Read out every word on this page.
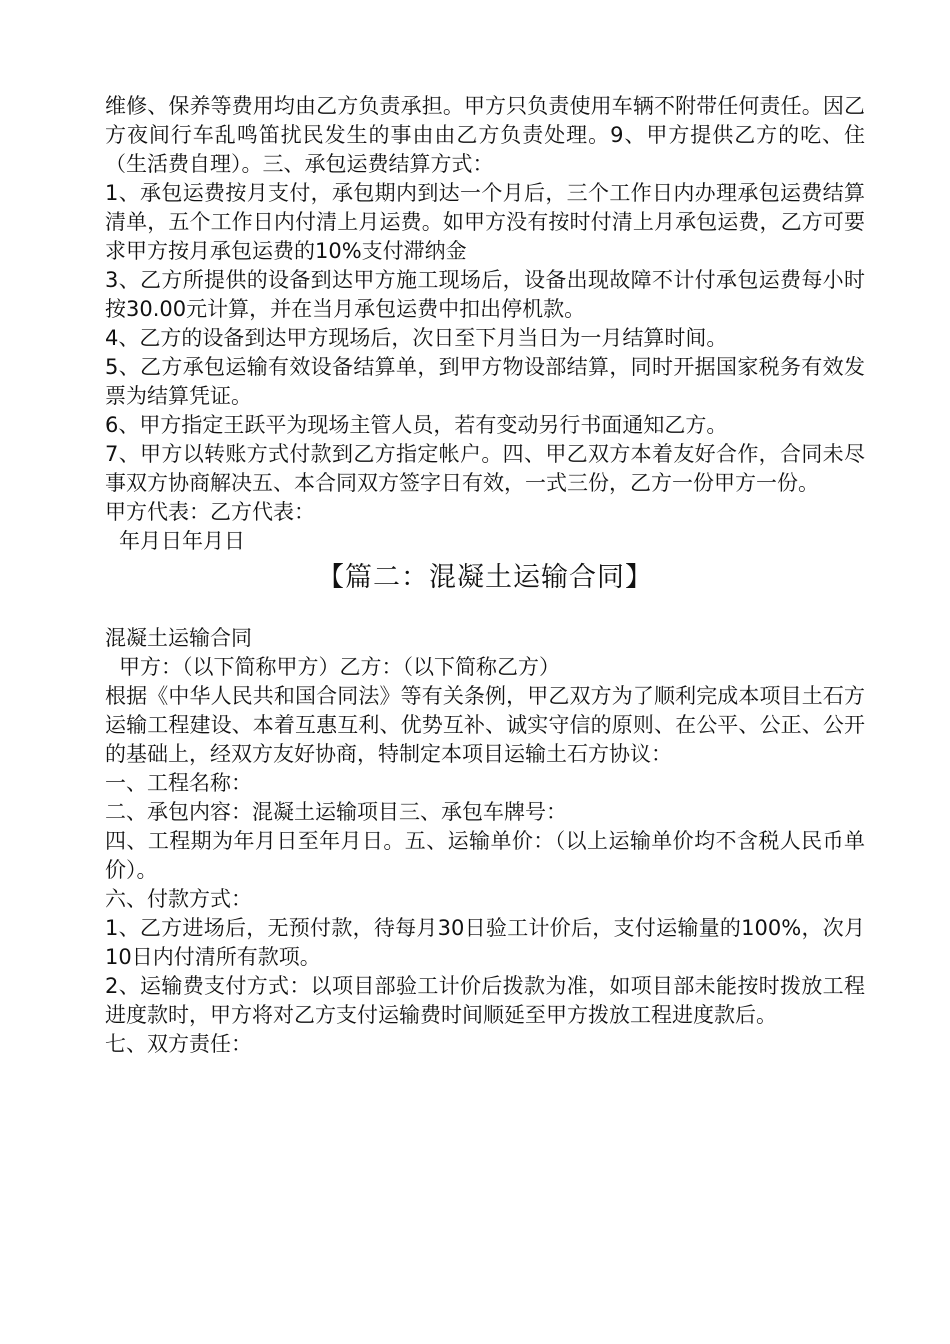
维修、保养等费用均由乙方负责承担。甲方只负责使用车辆不附带任何责任。因乙方夜间行车乱鸣笛扰民发生的事由由乙方负责处理。9、甲方提供乙方的吃、住（生活费自理）。三、承包运费结算方式：

1、承包运费按月支付，承包期内到达一个月后，三个工作日内办理承包运费结算清单，五个工作日内付清上月运费。如甲方没有按时付清上月承包运费，乙方可要求甲方按月承包运费的10%支付滞纳金

3、乙方所提供的设备到达甲方施工现场后，设备出现故障不计付承包运费每小时按30.00元计算，并在当月承包运费中扣出停机款。

4、乙方的设备到达甲方现场后，次日至下月当日为一月结算时间。

5、乙方承包运输有效设备结算单，到甲方物设部结算，同时开据国家税务有效发票为结算凭证。

6、甲方指定王跃平为现场主管人员，若有变动另行书面通知乙方。

7、甲方以转账方式付款到乙方指定帐户。四、甲乙双方本着友好合作，合同未尽事双方协商解决五、本合同双方签字日有效，一式三份，乙方一份甲方一份。

甲方代表：乙方代表：

年月日年月日

【篇二：混凝土运输合同】

混凝土运输合同

甲方：（以下简称甲方）乙方：（以下简称乙方）

根据《中华人民共和国合同法》等有关条例，甲乙双方为了顺利完成本项目土石方运输工程建设、本着互惠互利、优势互补、诚实守信的原则、在公平、公正、公开的基础上，经双方友好协商，特制定本项目运输土石方协议：

一、工程名称：

二、承包内容：混凝土运输项目三、承包车牌号：

四、工程期为年月日至年月日。五、运输单价：（以上运输单价均不含税人民币单价）。

六、付款方式：

1、乙方进场后，无预付款，待每月30日验工计价后，支付运输量的100%，次月10日内付清所有款项。

2、运输费支付方式：以项目部验工计价后拨款为准，如项目部未能按时拨放工程进度款时，甲方将对乙方支付运输费时间顺延至甲方拨放工程进度款后。

七、双方责任：
